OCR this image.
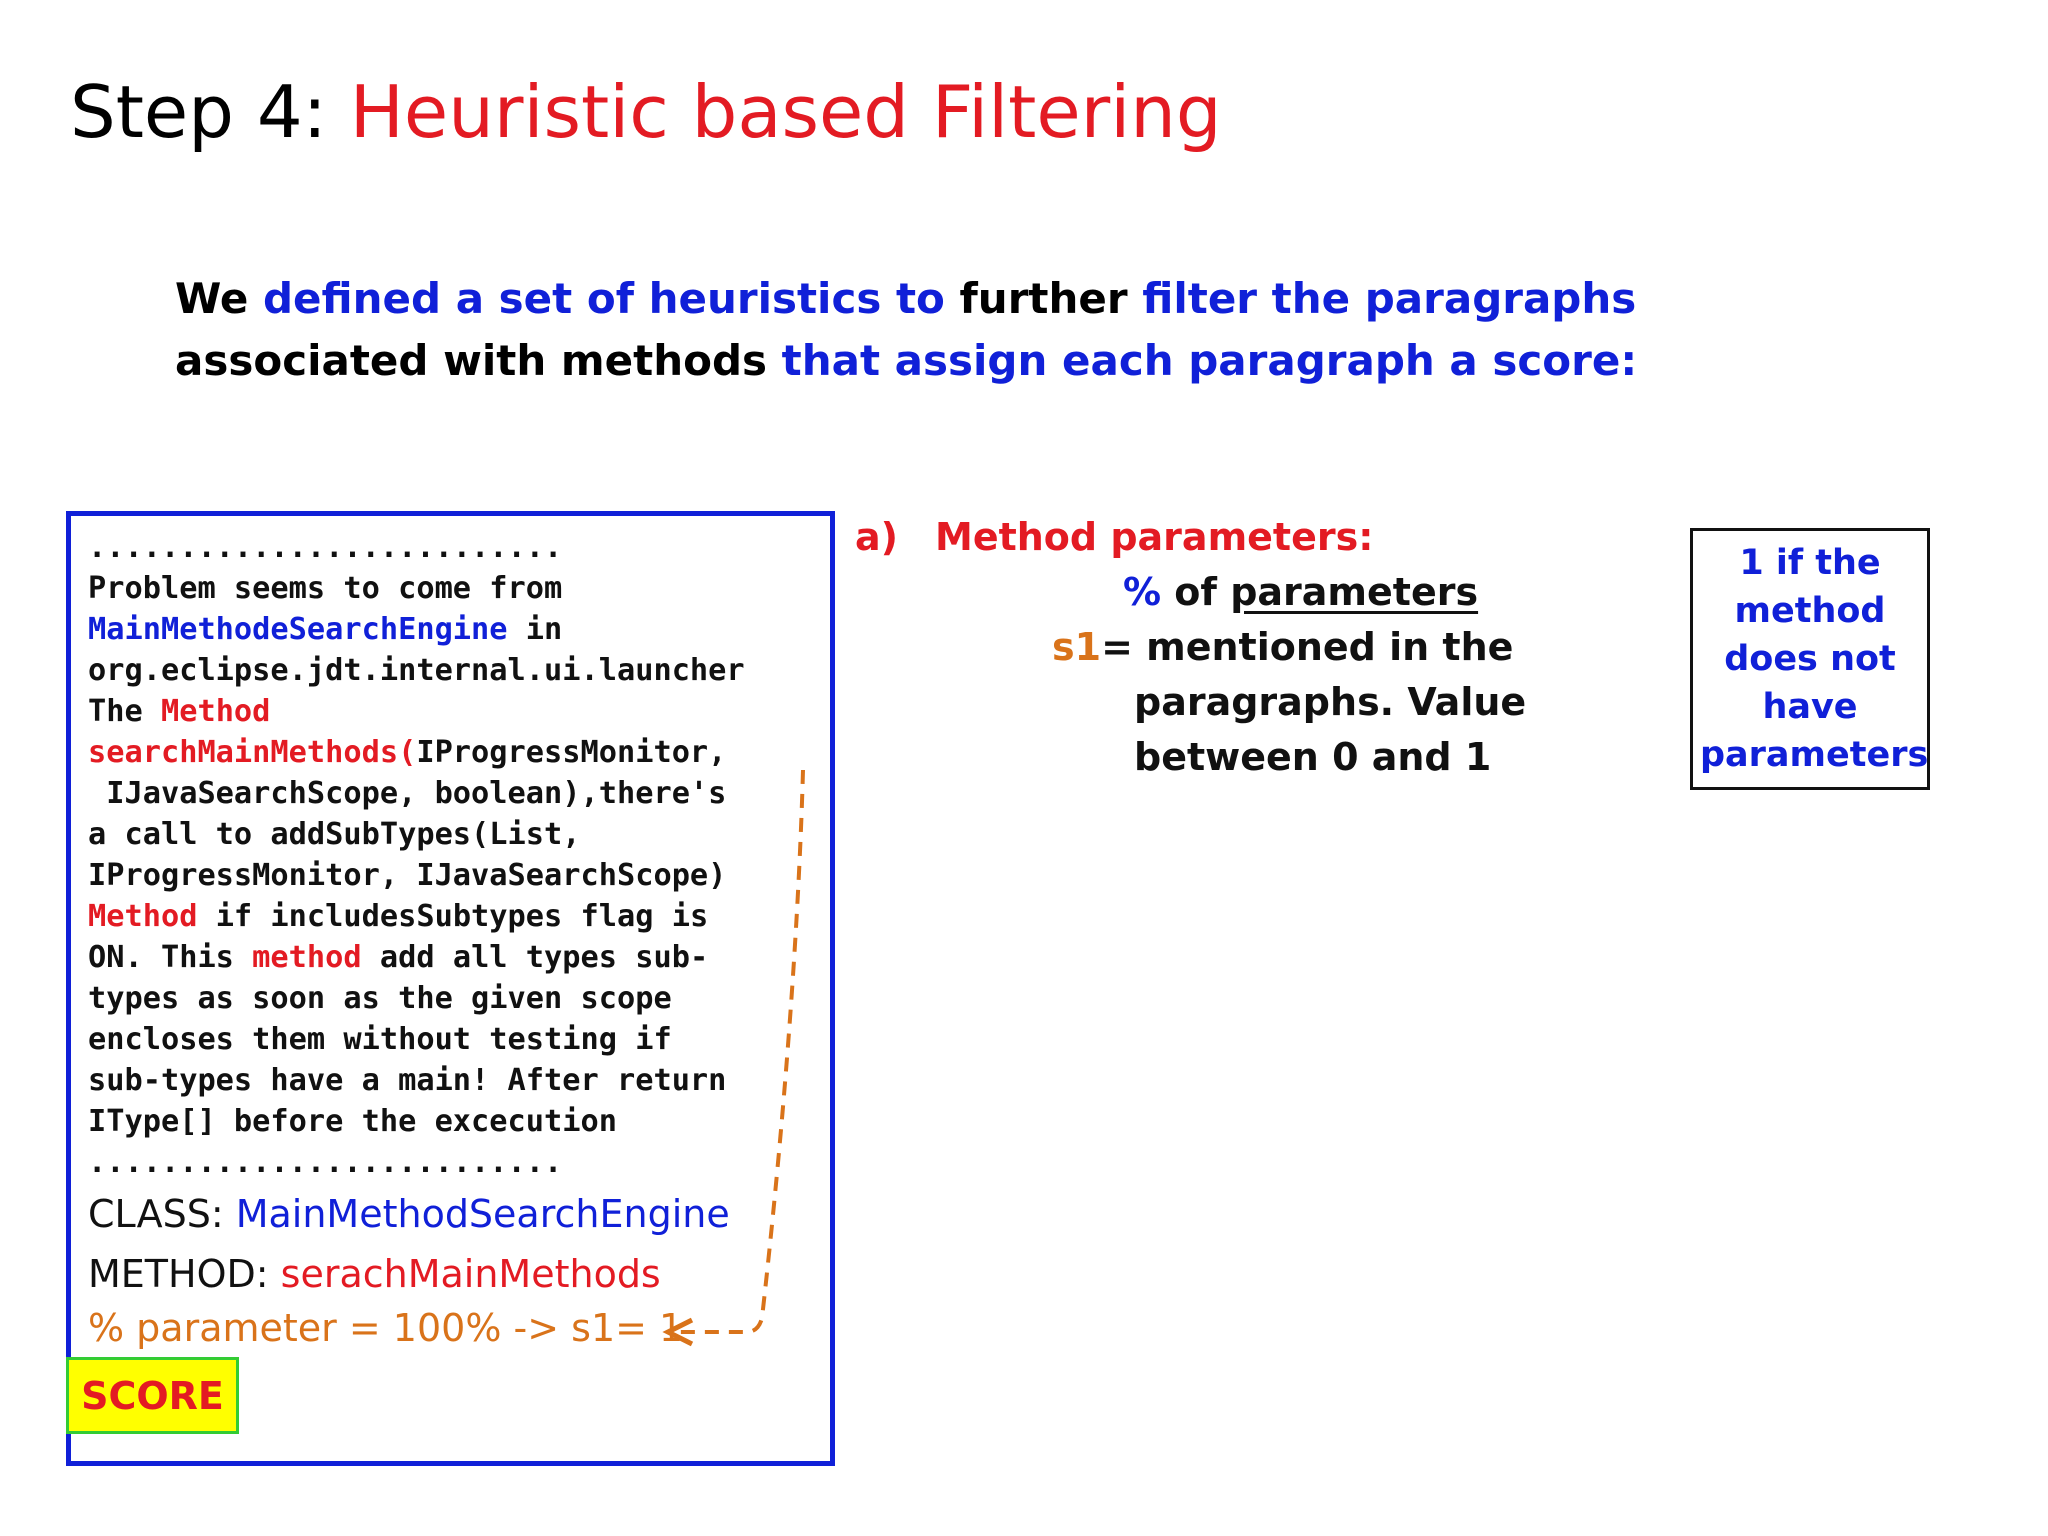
Step 4: Heuristic based Filtering
We defined a set of heuristics to further filter the paragraphs associated with methods that assign each paragraph a score:
..........................
Problem seems to come from
MainMethodeSearchEngine in
org.eclipse.jdt.internal.ui.launcher
The Method
searchMainMethods(IProgressMonitor,
IJavaSearchScope, boolean),there's
a call to addSubTypes(List,
IProgressMonitor, IJavaSearchScope)
Method if includesSubtypes flag is
ON. This method add all types sub-
types as soon as the given scope
encloses them without testing if
sub-types have a main! After return
IType[] before the excecution
..........................
CLASS: MainMethodSearchEngine
METHOD: serachMainMethods
% parameter = 100% -> s1= 1
SCORE
a) Method parameters:
% of parameters
s1= mentioned in the
paragraphs. Value
between 0 and 1
1 if the
method
does not
have
parameters
